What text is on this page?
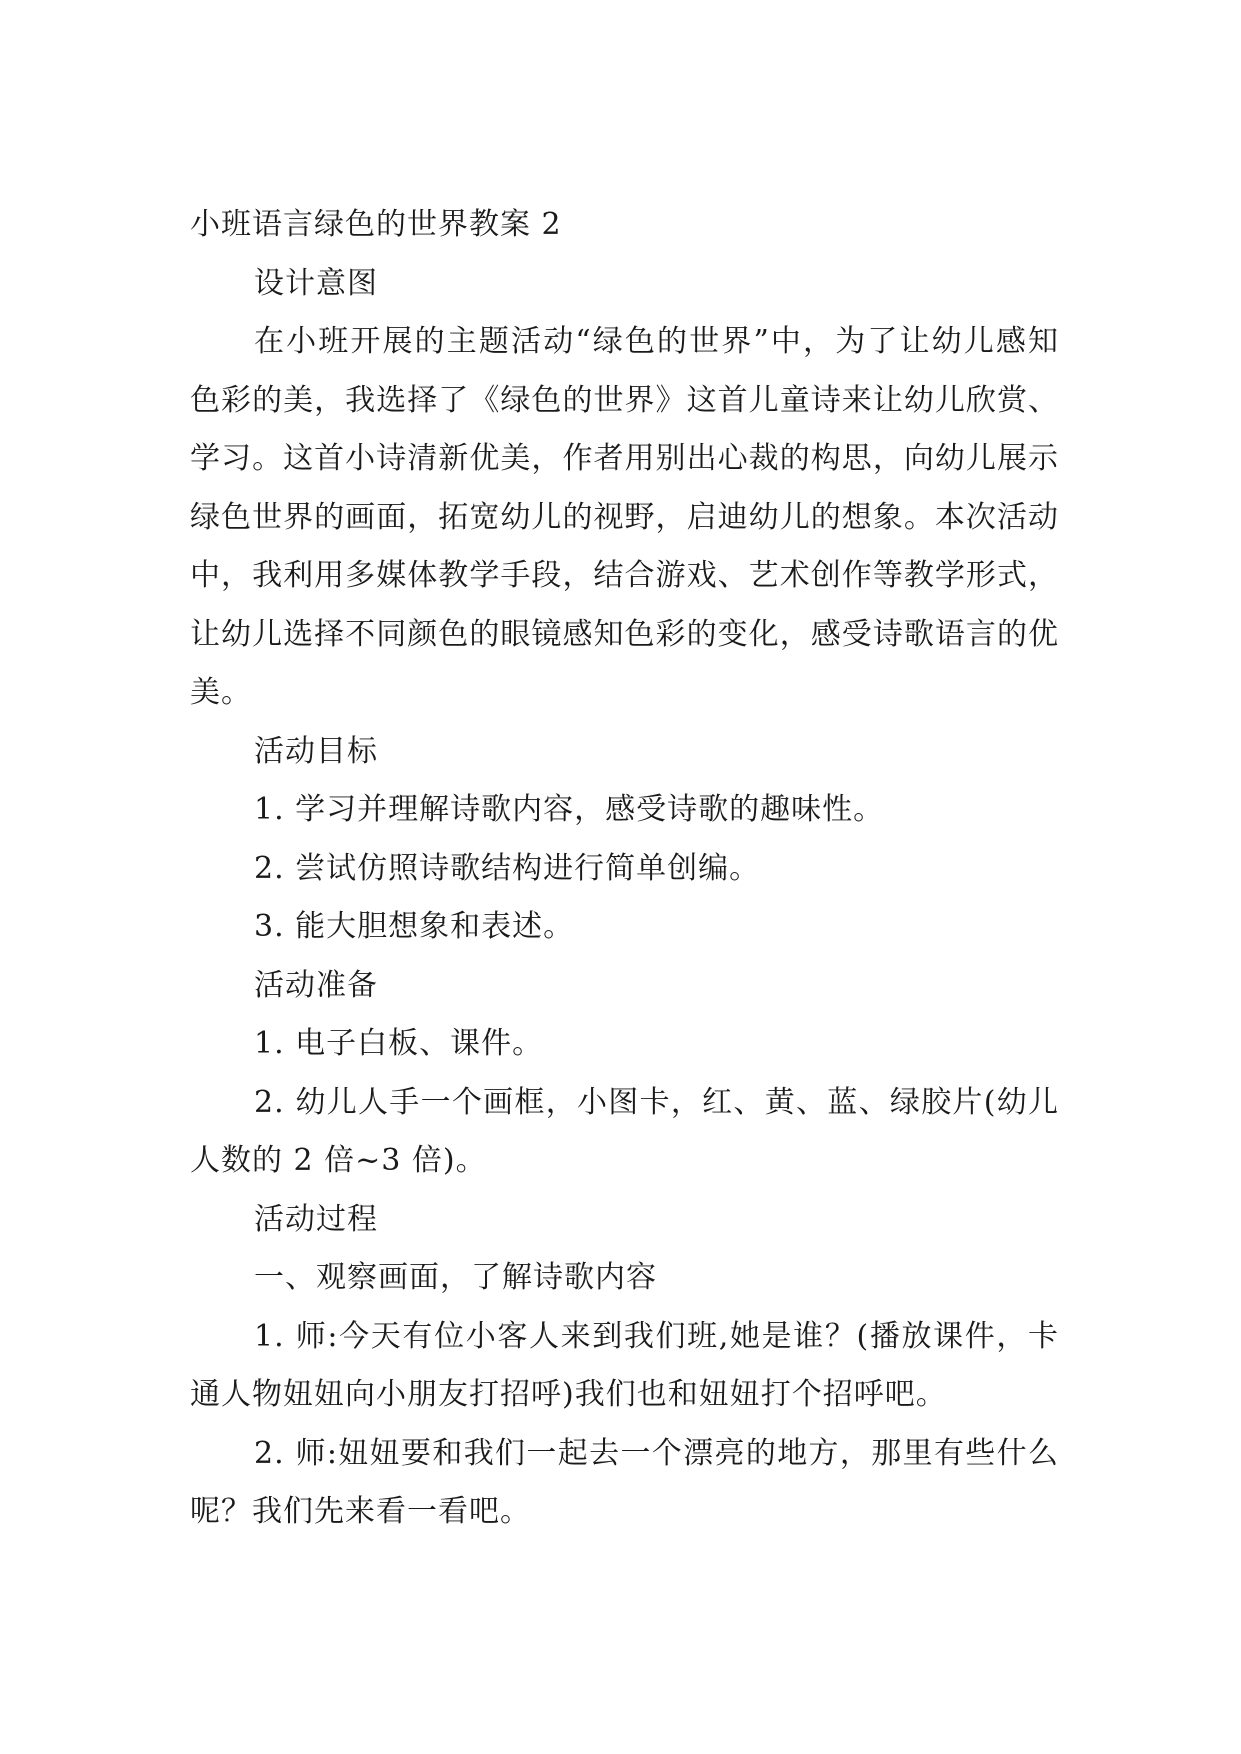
小班语言绿色的世界教案 2

设计意图

在小班开展的主题活动“绿色的世界”中，为了让幼儿感知色彩的美，我选择了《绿色的世界》这首儿童诗来让幼儿欣赏、学习。这首小诗清新优美，作者用别出心裁的构思，向幼儿展示绿色世界的画面，拓宽幼儿的视野，启迪幼儿的想象。本次活动中，我利用多媒体教学手段，结合游戏、艺术创作等教学形式，让幼儿选择不同颜色的眼镜感知色彩的变化，感受诗歌语言的优美。

活动目标

1. 学习并理解诗歌内容，感受诗歌的趣味性。

2. 尝试仿照诗歌结构进行简单创编。

3. 能大胆想象和表述。

活动准备

1. 电子白板、课件。

2. 幼儿人手一个画框，小图卡，红、黄、蓝、绿胶片(幼儿人数的 2 倍~3 倍)。

活动过程

一、观察画面，了解诗歌内容

1. 师:今天有位小客人来到我们班,她是谁？(播放课件，卡通人物妞妞向小朋友打招呼)我们也和妞妞打个招呼吧。

2. 师:妞妞要和我们一起去一个漂亮的地方，那里有些什么呢？我们先来看一看吧。
